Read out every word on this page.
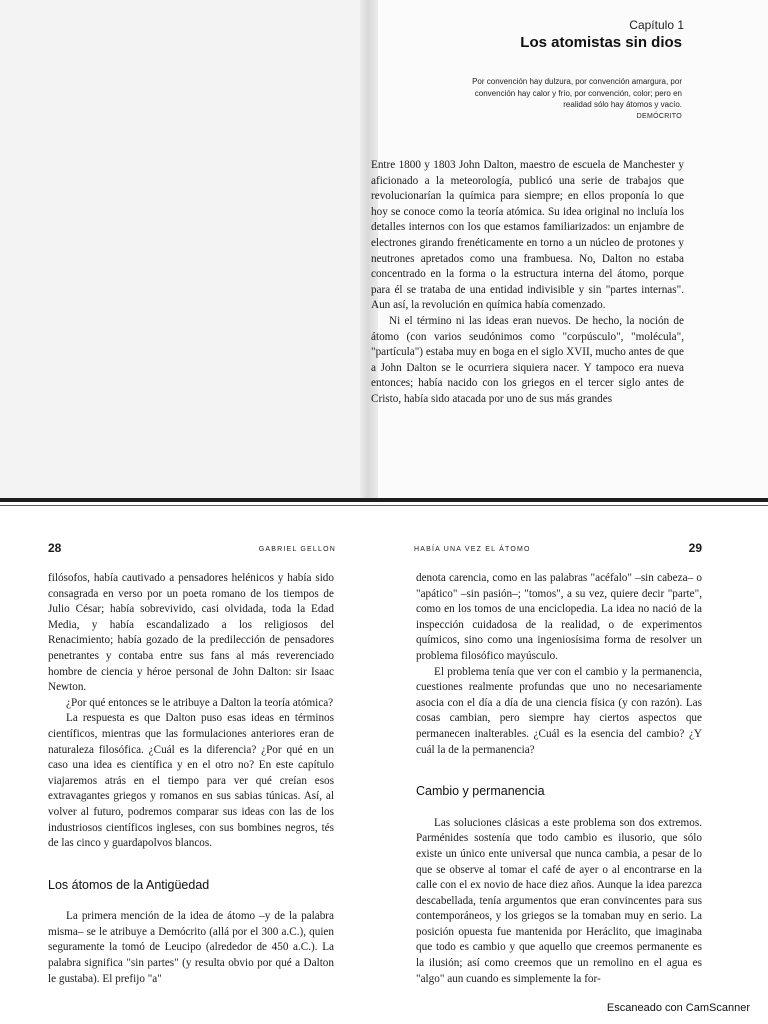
Capítulo 1
Los atomistas sin dios
Por convención hay dulzura, por convención amargura, por convención hay calor y frío, por convención, color; pero en realidad sólo hay átomos y vacío.
DEMÓCRITO

Entre 1800 y 1803 John Dalton, maestro de escuela de Manchester y aficionado a la meteorología, publicó una serie de trabajos que revolucionarían la química para siempre; en ellos proponía lo que hoy se conoce como la teoría atómica. Su idea original no incluía los detalles internos con los que estamos familiarizados: un enjambre de electrones girando frenéticamente en torno a un núcleo de protones y neutrones apretados como una frambuesa. No, Dalton no estaba concentrado en la forma o la estructura interna del átomo, porque para él se trataba de una entidad indivisible y sin "partes internas". Aun así, la revolución en química había comenzado.

Ni el término ni las ideas eran nuevos. De hecho, la noción de átomo (con varios seudónimos como "corpúsculo", "molécula", "partícula") estaba muy en boga en el siglo XVII, mucho antes de que a John Dalton se le ocurriera siquiera nacer. Y tampoco era nueva entonces; había nacido con los griegos en el tercer siglo antes de Cristo, había sido atacada por uno de sus más grandes

28	GABRIEL GELLON

filósofos, había cautivado a pensadores helénicos y había sido consagrada en verso por un poeta romano de los tiempos de Julio César; había sobrevivido, casi olvidada, toda la Edad Media, y había escandalizado a los religiosos del Renacimiento; había gozado de la predilección de pensadores penetrantes y contaba entre sus fans al más reverenciado hombre de ciencia y héroe personal de John Dalton: sir Isaac Newton.

¿Por qué entonces se le atribuye a Dalton la teoría atómica?

La respuesta es que Dalton puso esas ideas en términos científicos, mientras que las formulaciones anteriores eran de naturaleza filosófica. ¿Cuál es la diferencia? ¿Por qué en un caso una idea es científica y en el otro no? En este capítulo viajaremos atrás en el tiempo para ver qué creían esos extravagantes griegos y romanos en sus sabias túnicas. Así, al volver al futuro, podremos comparar sus ideas con las de los industriosos científicos ingleses, con sus bombines negros, tés de las cinco y guardapolvos blancos.

Los átomos de la Antigüedad

La primera mención de la idea de átomo –y de la palabra misma– se le atribuye a Demócrito (allá por el 300 a.C.), quien seguramente la tomó de Leucipo (alrededor de 450 a.C.). La palabra significa "sin partes" (y resulta obvio por qué a Dalton le gustaba). El prefijo "a"

HABÍA UNA VEZ EL ÁTOMO	29

denota carencia, como en las palabras "acéfalo" –sin cabeza– o "apático" –sin pasión–; "tomos", a su vez, quiere decir "parte", como en los tomos de una enciclopedia. La idea no nació de la inspección cuidadosa de la realidad, o de experimentos químicos, sino como una ingeniosísima forma de resolver un problema filosófico mayúsculo.

El problema tenía que ver con el cambio y la permanencia, cuestiones realmente profundas que uno no necesariamente asocia con el día a día de una ciencia física (y con razón). Las cosas cambian, pero siempre hay ciertos aspectos que permanecen inalterables. ¿Cuál es la esencia del cambio? ¿Y cuál la de la permanencia?

Cambio y permanencia

Las soluciones clásicas a este problema son dos extremos. Parménides sostenía que todo cambio es ilusorio, que sólo existe un único ente universal que nunca cambia, a pesar de lo que se observe al tomar el café de ayer o al encontrarse en la calle con el ex novio de hace diez años. Aunque la idea parezca descabellada, tenía argumentos que eran convincentes para sus contemporáneos, y los griegos se la tomaban muy en serio. La posición opuesta fue mantenida por Heráclito, que imaginaba que todo es cambio y que aquello que creemos permanente es la ilusión; así como creemos que un remolino en el agua es "algo" aun cuando es simplemente la for-

Escaneado con CamScanner
